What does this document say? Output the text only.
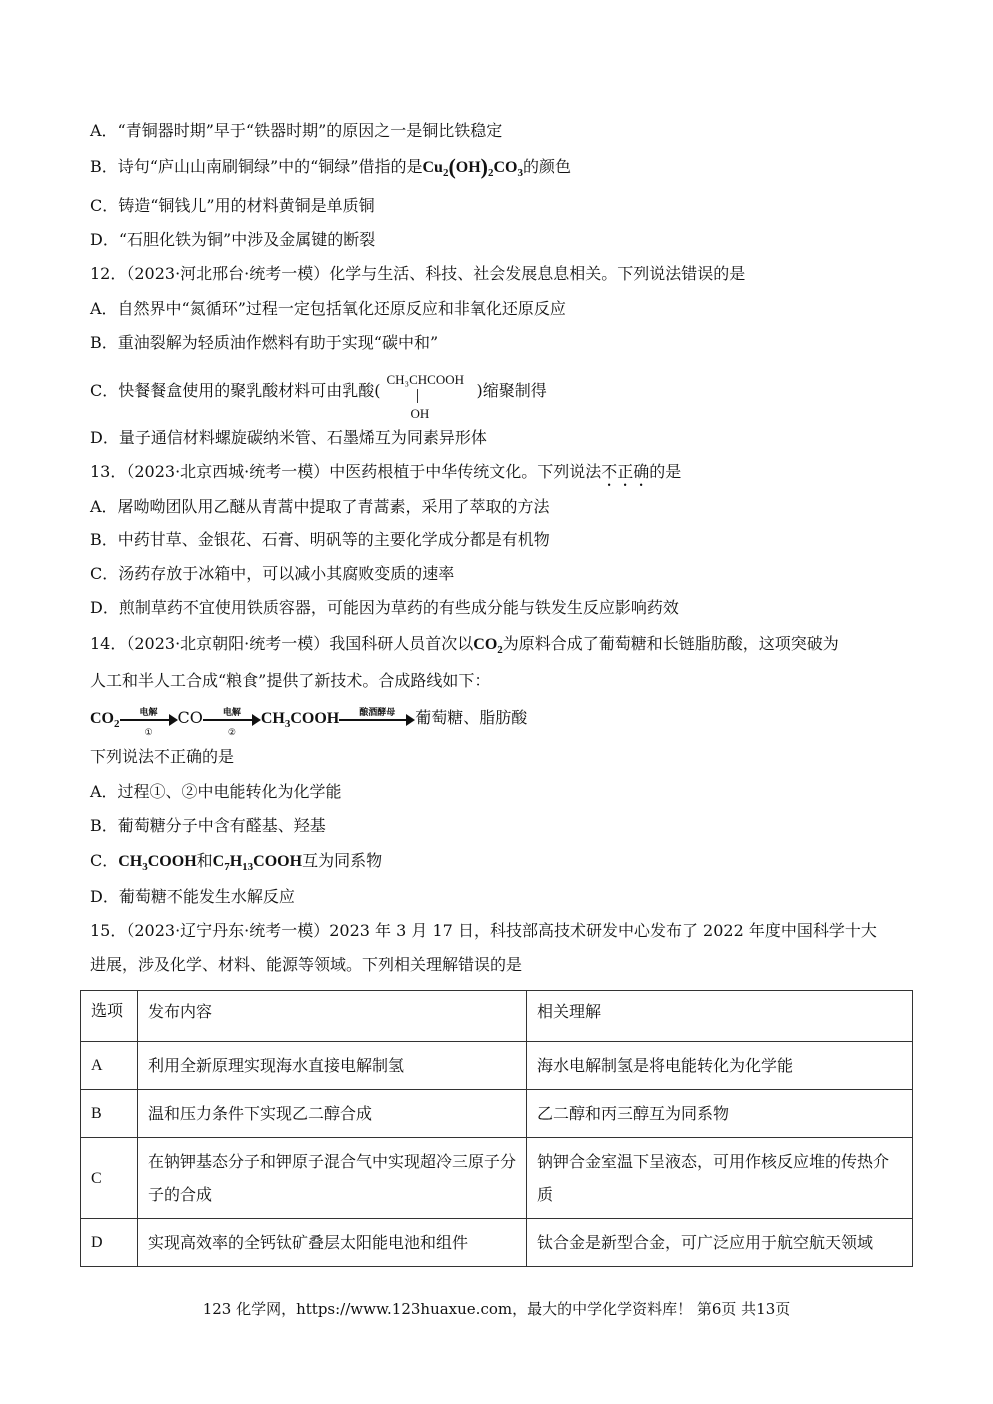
A．“青铜器时期”早于“铁器时期”的原因之一是铜比铁稳定
B．诗句“庐山山南刷铜绿”中的“铜绿”借指的是$Cu_2(OH)_2CO_3$的颜色
C．铸造“铜钱儿”用的材料黄铜是单质铜
D．“石胆化铁为铜”中涉及金属键的断裂
12．（2023·河北邢台·统考一模）化学与生活、科技、社会发展息息相关。下列说法错误的是
A．自然界中“氮循环”过程一定包括氧化还原反应和非氧化还原反应
B．重油裂解为轻质油作燃料有助于实现“碳中和”
C．快餐餐盒使用的聚乳酸材料可由乳酸(
CH₃CHCOOH
OH
)缩聚制得
D．量子通信材料螺旋碳纳米管、石墨烯互为同素异形体
13．（2023·北京西城·统考一模）中医药根植于中华传统文化。下列说法不正确的是
A．屠呦呦团队用乙醚从青蒿中提取了青蒿素，采用了萃取的方法
B．中药甘草、金银花、石膏、明矾等的主要化学成分都是有机物
C．汤药存放于冰箱中，可以减小其腐败变质的速率
D．煎制草药不宜使用铁质容器，可能因为草药的有些成分能与铁发生反应影响药效
14．（2023·北京朝阳·统考一模）我国科研人员首次以$CO_2$为原料合成了葡萄糖和长链脂肪酸，这项突破为
人工和半人工合成“粮食”提供了新技术。合成路线如下：
$CO_2$
电解
①
CO	电解
②
$CH_3COOH$	酿酒酵母	葡萄糖、脂肪酸
下列说法不正确的是
A．过程①、②中电能转化为化学能
B．葡萄糖分子中含有醛基、羟基
C．$CH_3COOH$和$C_7H_{13}COOH$互为同系物
D．葡萄糖不能发生水解反应
15．（2023·辽宁丹东·统考一模）2023 年 3 月 17 日，科技部高技术研发中心发布了 2022 年度中国科学十大
进展，涉及化学、材料、能源等领域。下列相关理解错误的是
选项	发布内容	相关理解
A	利用全新原理实现海水直接电解制氢	海水电解制氢是将电能转化为化学能
B	温和压力条件下实现乙二醇合成	乙二醇和丙三醇互为同系物
C	在钠钾基态分子和钾原子混合气中实现超冷三原子分子的合成	钠钾合金室温下呈液态，可用作核反应堆的传热介质
D	实现高效率的全钙钛矿叠层太阳能电池和组件	钛合金是新型合金，可广泛应用于航空航天领域
123 化学网，https://www.123huaxue.com，最大的中学化学资料库！ 第6页 共13页
